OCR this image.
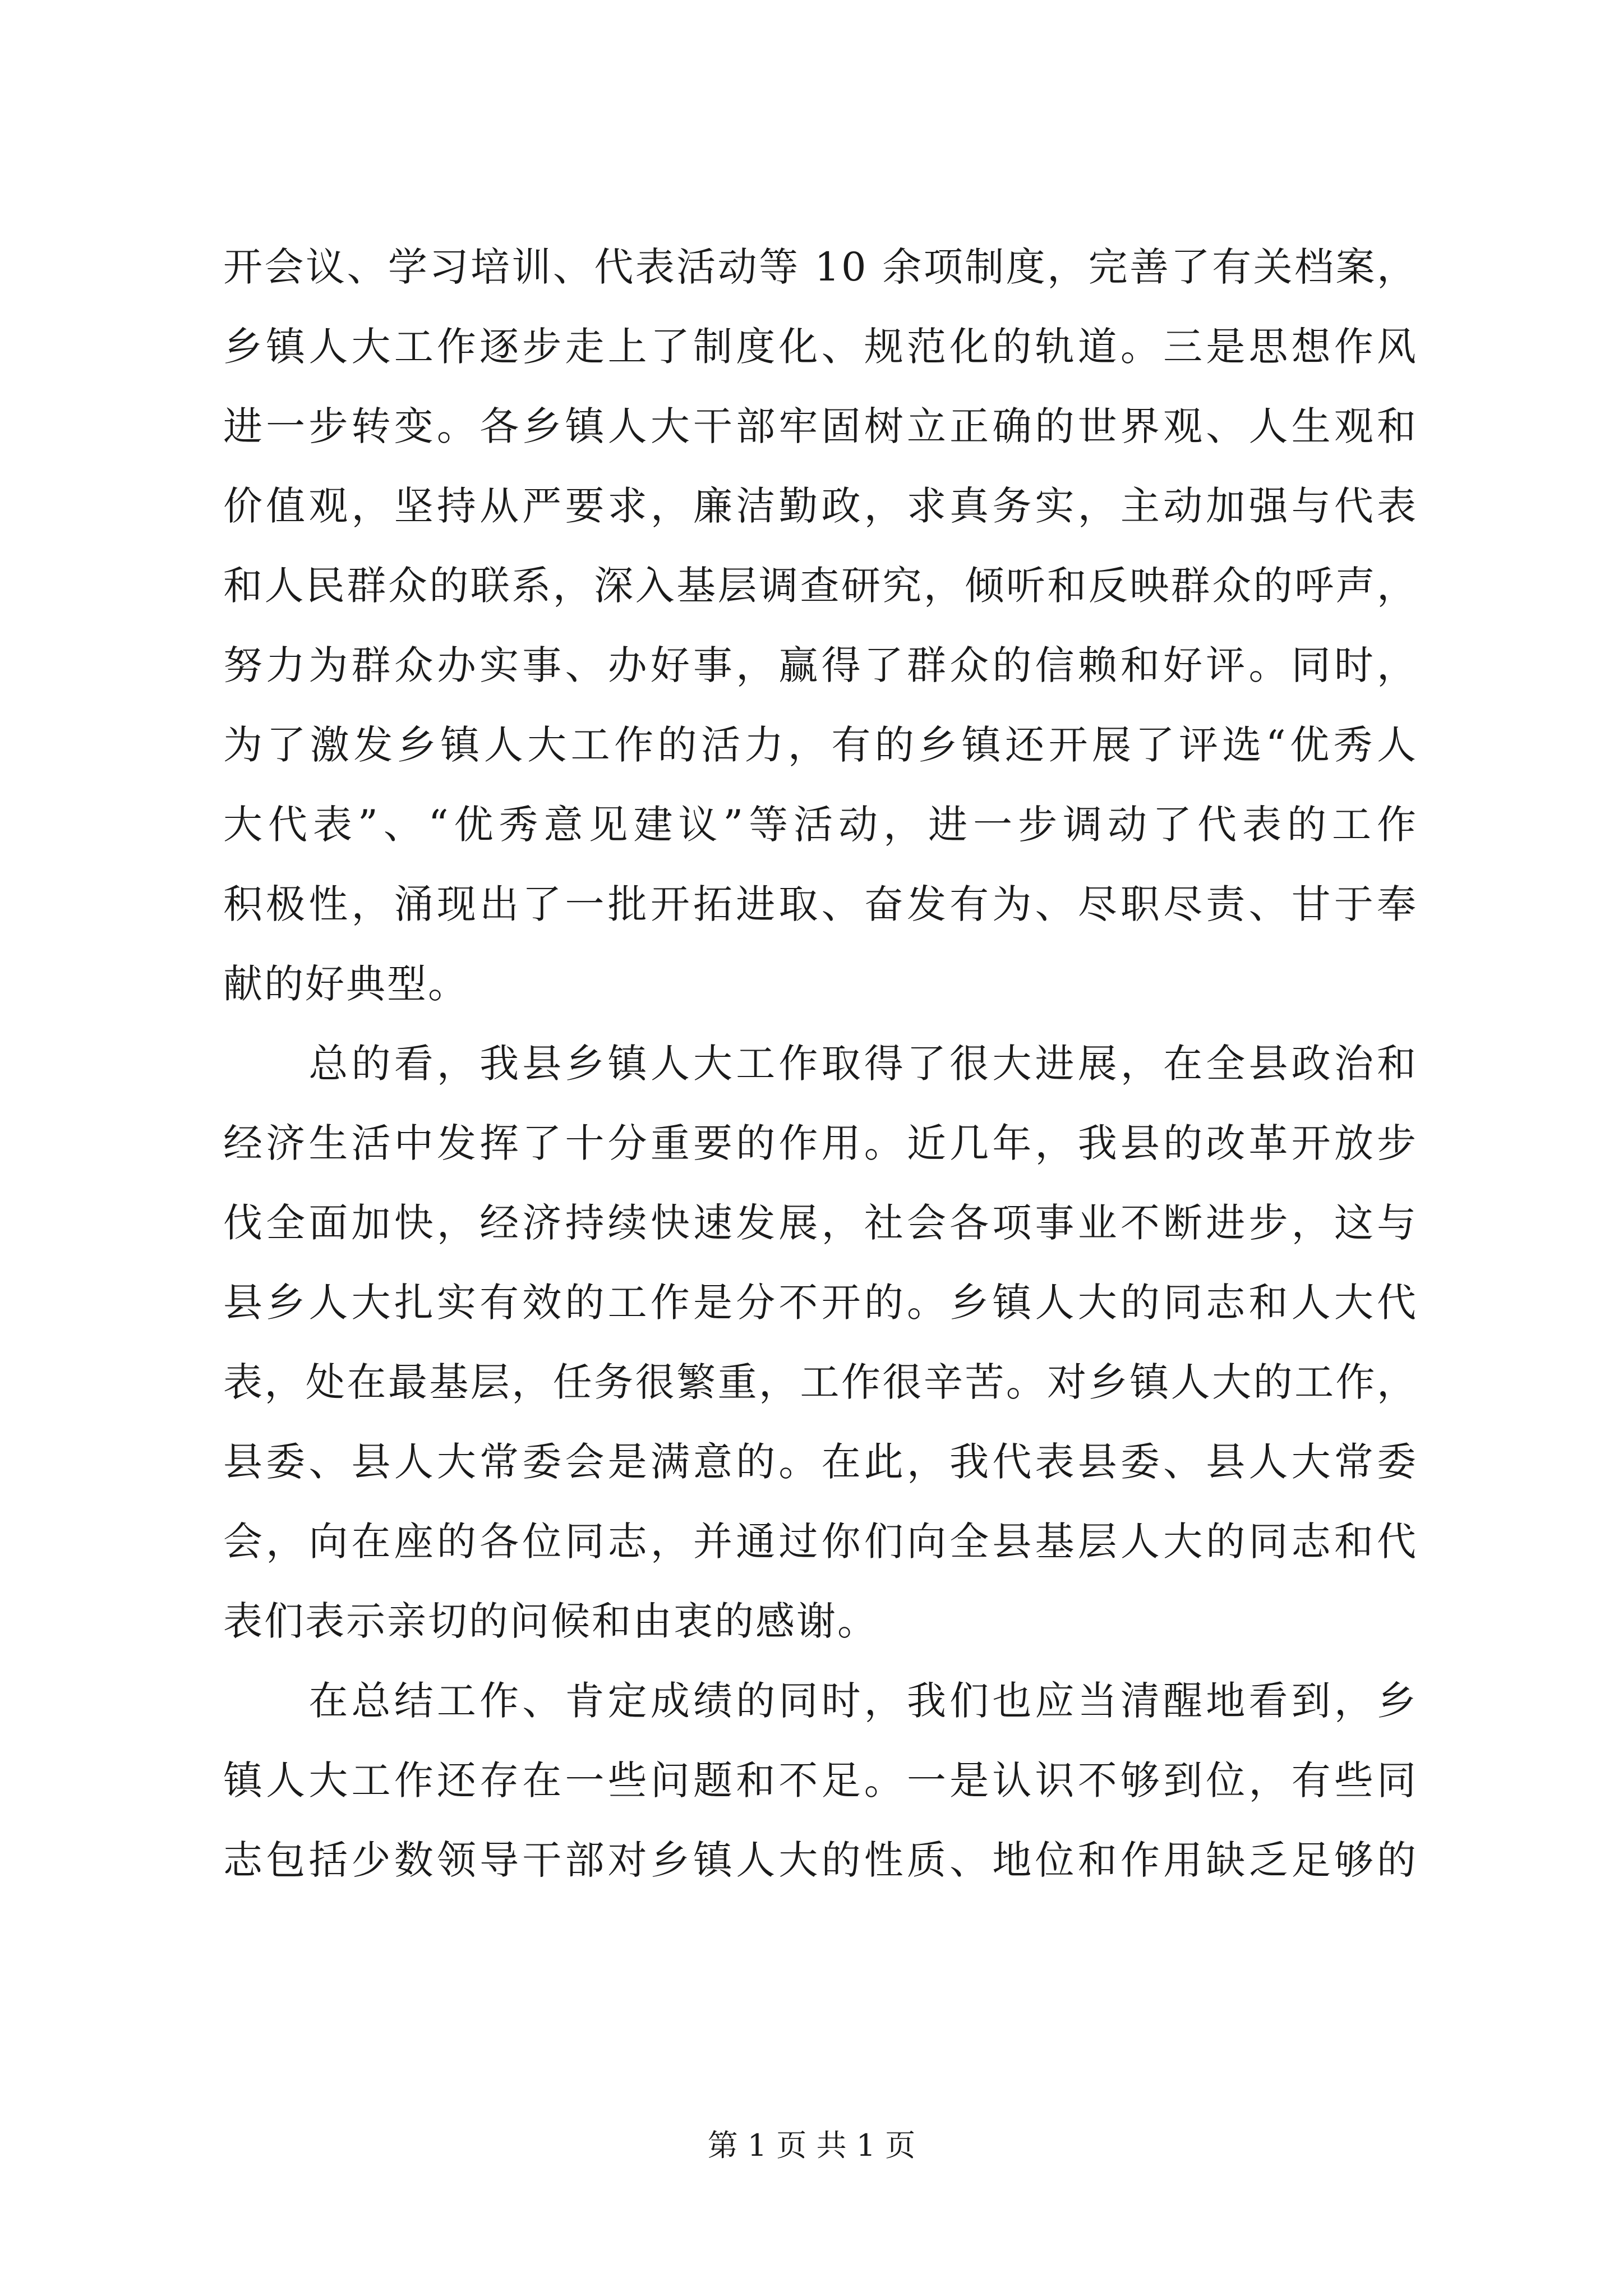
开会议、学习培训、代表活动等 10 余项制度，完善了有关档案，
乡镇人大工作逐步走上了制度化、规范化的轨道。三是思想作风
进一步转变。各乡镇人大干部牢固树立正确的世界观、人生观和
价值观，坚持从严要求，廉洁勤政，求真务实，主动加强与代表
和人民群众的联系，深入基层调查研究，倾听和反映群众的呼声，
努力为群众办实事、办好事，赢得了群众的信赖和好评。同时，
为了激发乡镇人大工作的活力，有的乡镇还开展了评选“优秀人
大代表”、“优秀意见建议”等活动，进一步调动了代表的工作
积极性，涌现出了一批开拓进取、奋发有为、尽职尽责、甘于奉
献的好典型。
　　总的看，我县乡镇人大工作取得了很大进展，在全县政治和
经济生活中发挥了十分重要的作用。近几年，我县的改革开放步
伐全面加快，经济持续快速发展，社会各项事业不断进步，这与
县乡人大扎实有效的工作是分不开的。乡镇人大的同志和人大代
表，处在最基层，任务很繁重，工作很辛苦。对乡镇人大的工作，
县委、县人大常委会是满意的。在此，我代表县委、县人大常委
会，向在座的各位同志，并通过你们向全县基层人大的同志和代
表们表示亲切的问候和由衷的感谢。
　　在总结工作、肯定成绩的同时，我们也应当清醒地看到，乡
镇人大工作还存在一些问题和不足。一是认识不够到位，有些同
志包括少数领导干部对乡镇人大的性质、地位和作用缺乏足够的
第 1 页 共 1 页
